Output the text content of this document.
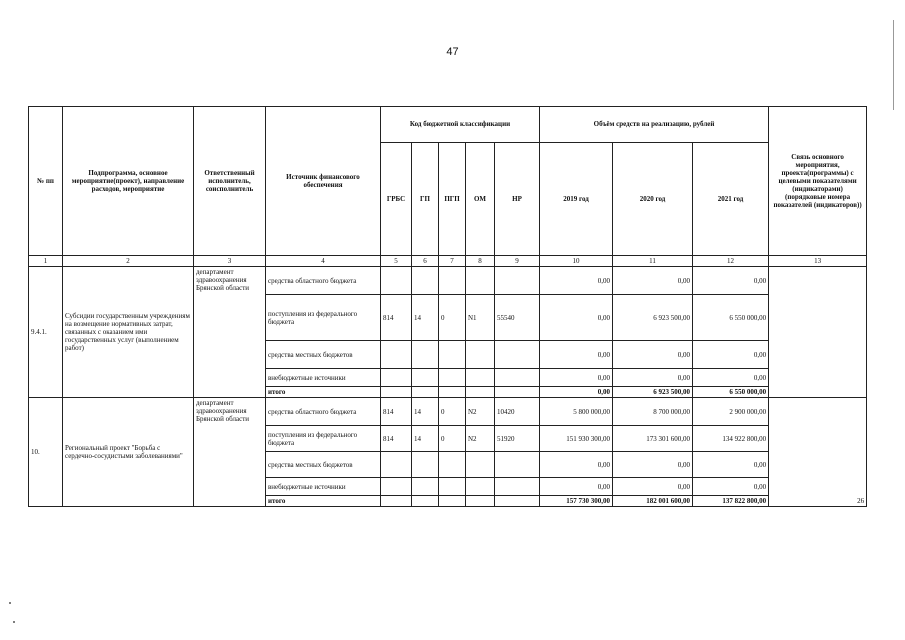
47
№ пп	Подпрограмма, основное мероприятие(проект), направление расходов, мероприятие	Ответственный исполнитель, соисполнитель	Источник финансового обеспечения	Код бюджетной классификации					Объём средств на реализацию, рублей			Связь основного мероприятия, проекта(программы) с целевыми показателями (индикаторами) (порядковые номера показателей (индикаторов))
				ГРБС	ГП	ПГП	ОМ	НР	2019 год	2020 год	2021 год	
1	2	3	4	5	6	7	8	9	10	11	12	13
9.4.1.	Субсидии государственным учреждениям на возмещение нормативных затрат, связанных с оказанием ими государственных услуг (выполнением работ)	департамент здравоохранения Брянской области	средства областного бюджета						0,00	0,00	0,00	
			поступления из федерального бюджета	814	14	0	N1	55540	0,00	6 923 500,00	6 550 000,00	
			средства местных бюджетов						0,00	0,00	0,00	
			внебюджетные источники						0,00	0,00	0,00	
			итого						0,00	6 923 500,00	6 550 000,00	
10.	Региональный проект "Борьба с сердечно-сосудистыми заболеваниями"	департамент здравоохранения Брянской области	средства областного бюджета	814	14	0	N2	10420	5 800 000,00	8 700 000,00	2 900 000,00	26
			поступления из федерального бюджета	814	14	0	N2	51920	151 930 300,00	173 301 600,00	134 922 800,00	
			средства местных бюджетов						0,00	0,00	0,00	
			внебюджетные источники						0,00	0,00	0,00	
			итого						157 730 300,00	182 001 600,00	137 822 800,00	
